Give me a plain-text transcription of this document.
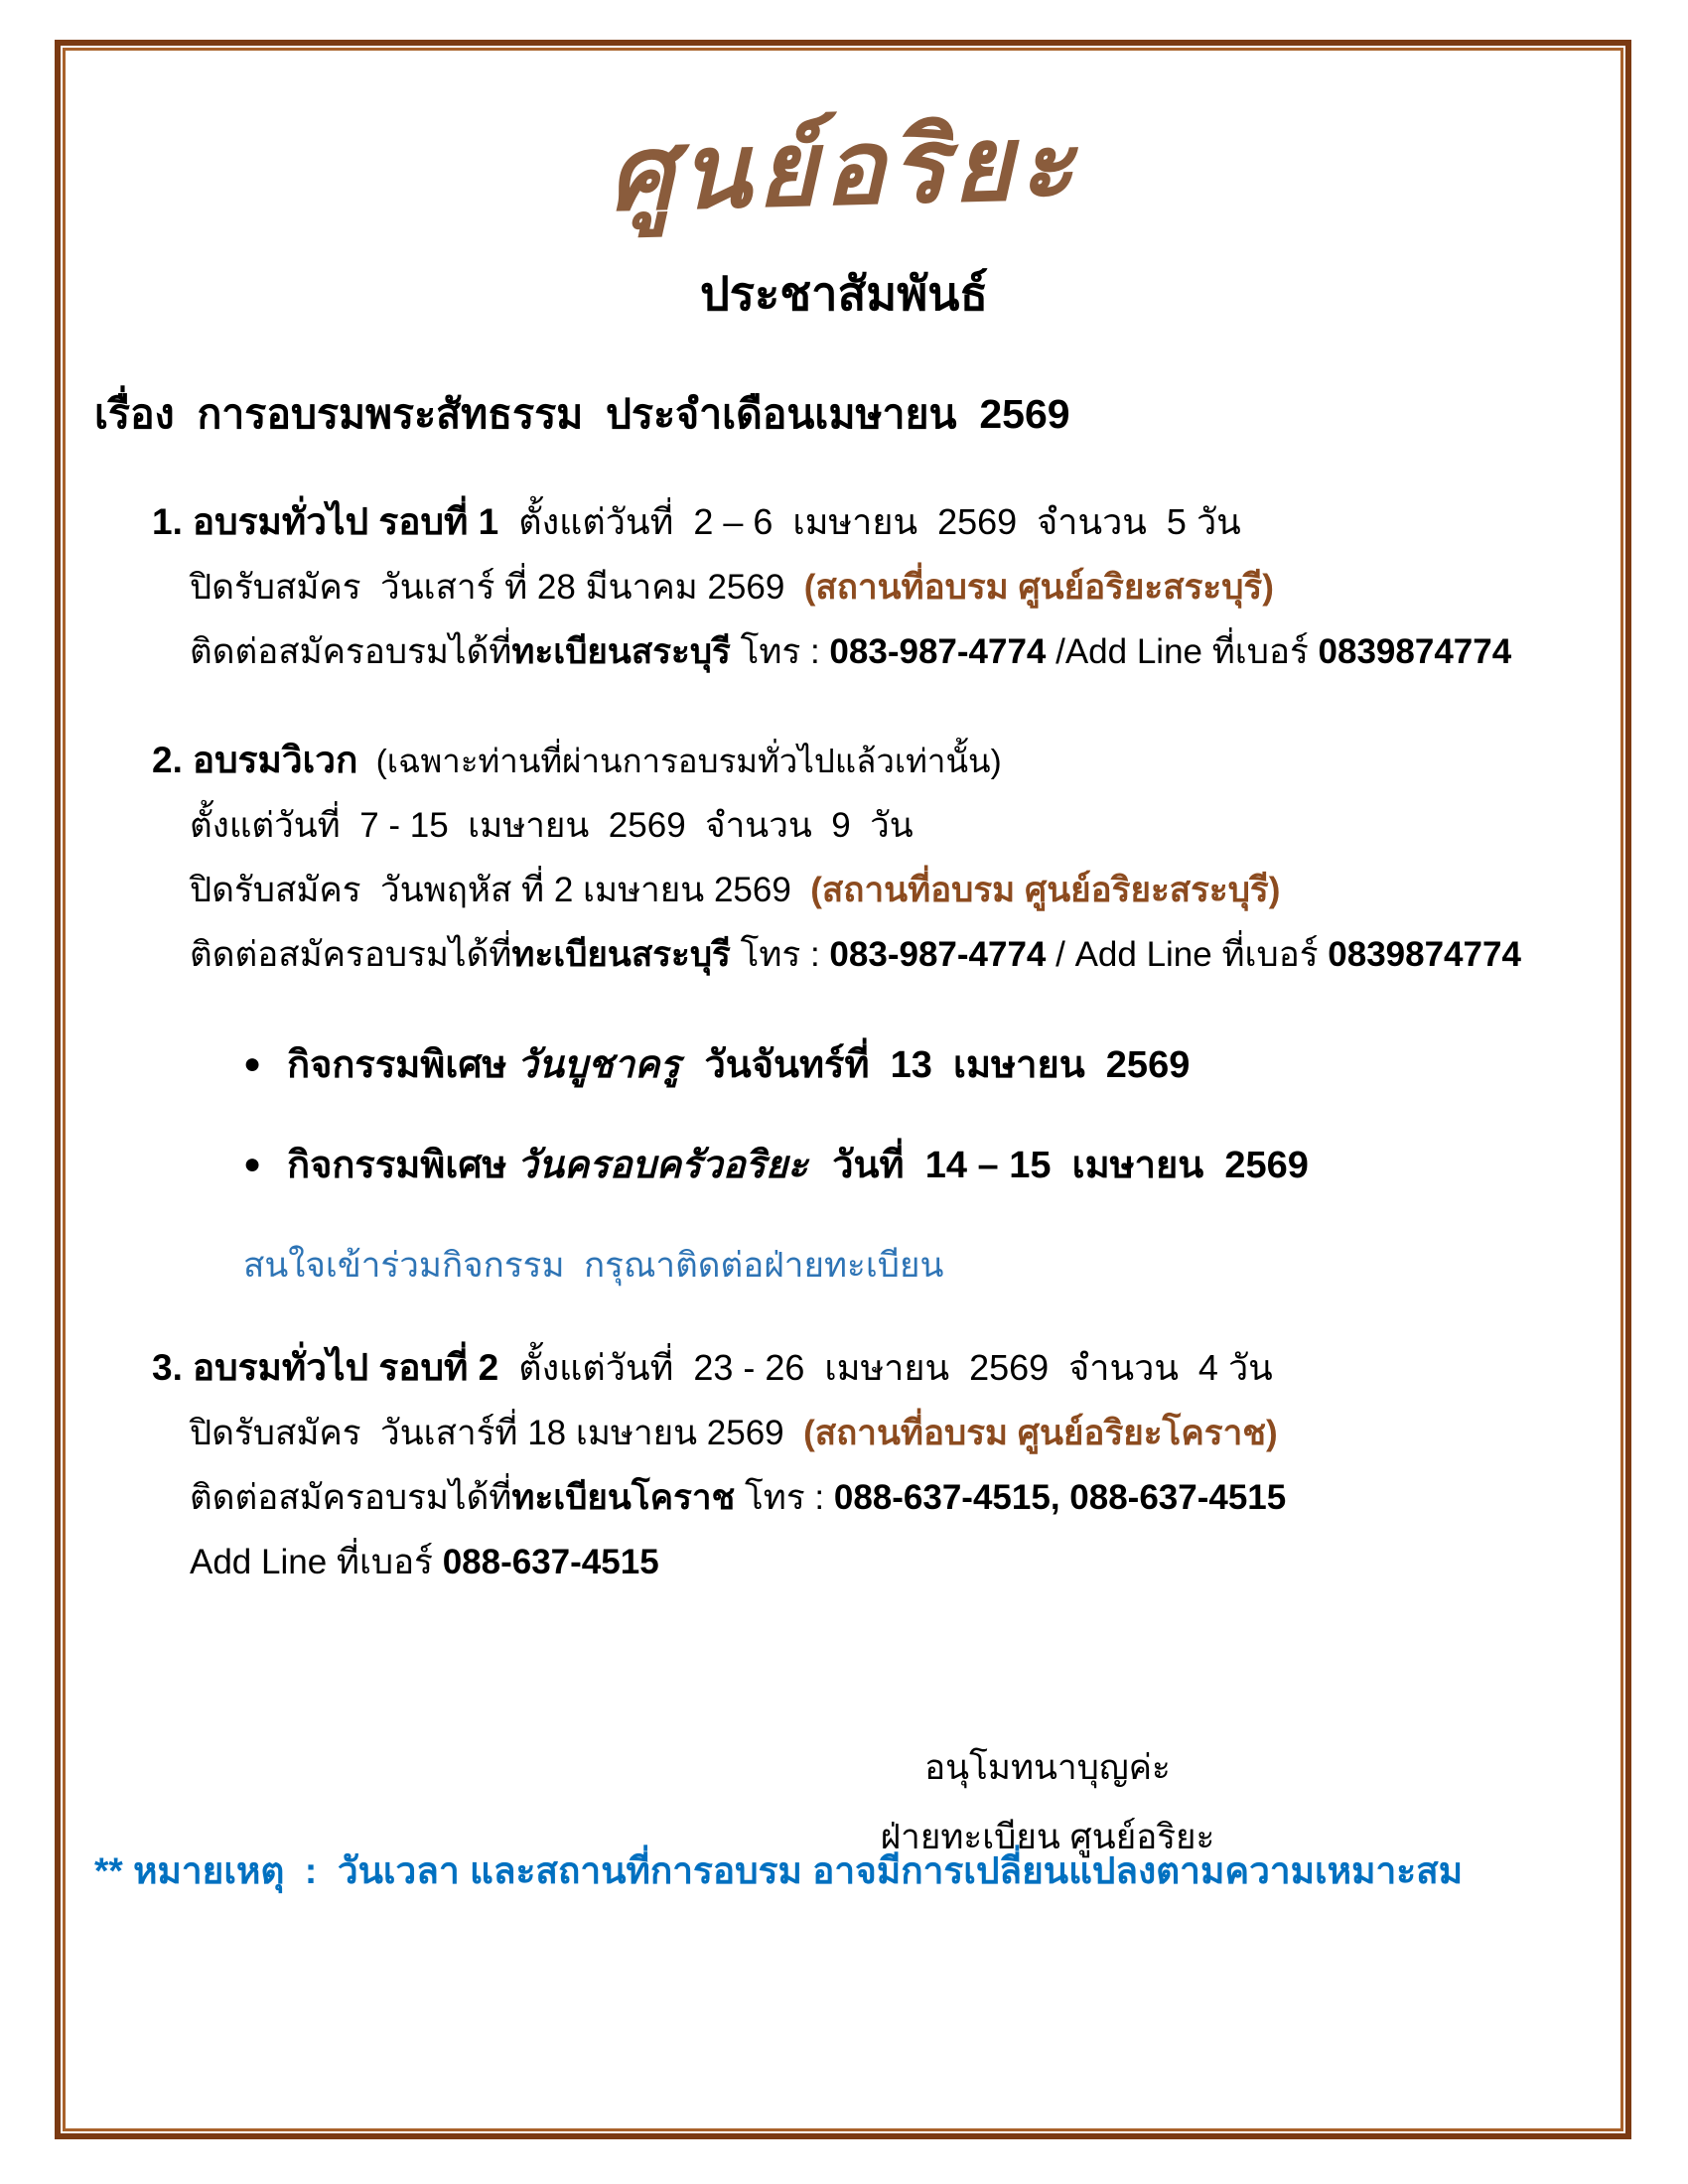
ศูนย์อริยะ
ประชาสัมพันธ์
เรื่อง  การอบรมพระสัทธรรม  ประจำเดือนเมษายน  2569
1. อบรมทั่วไป รอบที่ 1  ตั้งแต่วันที่  2 – 6  เมษายน  2569  จำนวน  5 วัน
ปิดรับสมัคร  วันเสาร์ ที่ 28 มีนาคม 2569  (สถานที่อบรม ศูนย์อริยะสระบุรี)
ติดต่อสมัครอบรมได้ที่ทะเบียนสระบุรี โทร : 083-987-4774 /Add Line ที่เบอร์ 0839874774
2. อบรมวิเวก  (เฉพาะท่านที่ผ่านการอบรมทั่วไปแล้วเท่านั้น)
ตั้งแต่วันที่  7 - 15  เมษายน  2569  จำนวน  9  วัน
ปิดรับสมัคร  วันพฤหัส ที่ 2 เมษายน 2569  (สถานที่อบรม ศูนย์อริยะสระบุรี)
ติดต่อสมัครอบรมได้ที่ทะเบียนสระบุรี โทร : 083-987-4774 / Add Line ที่เบอร์ 0839874774
● กิจกรรมพิเศษ วันบูชาครู วันจันทร์ที่  13  เมษายน  2569
● กิจกรรมพิเศษ วันครอบครัวอริยะ วันที่  14 – 15  เมษายน  2569
สนใจเข้าร่วมกิจกรรม  กรุณาติดต่อฝ่ายทะเบียน
3. อบรมทั่วไป รอบที่ 2  ตั้งแต่วันที่  23 - 26  เมษายน  2569  จำนวน  4 วัน
ปิดรับสมัคร  วันเสาร์ที่ 18 เมษายน 2569  (สถานที่อบรม ศูนย์อริยะโคราช)
ติดต่อสมัครอบรมได้ที่ทะเบียนโคราช โทร : 088-637-4515, 088-637-4515
Add Line ที่เบอร์ 088-637-4515
อนุโมทนาบุญค่ะ
ฝ่ายทะเบียน ศูนย์อริยะ
** หมายเหตุ  :  วันเวลา และสถานที่การอบรม อาจมีการเปลี่ยนแปลงตามความเหมาะสม
